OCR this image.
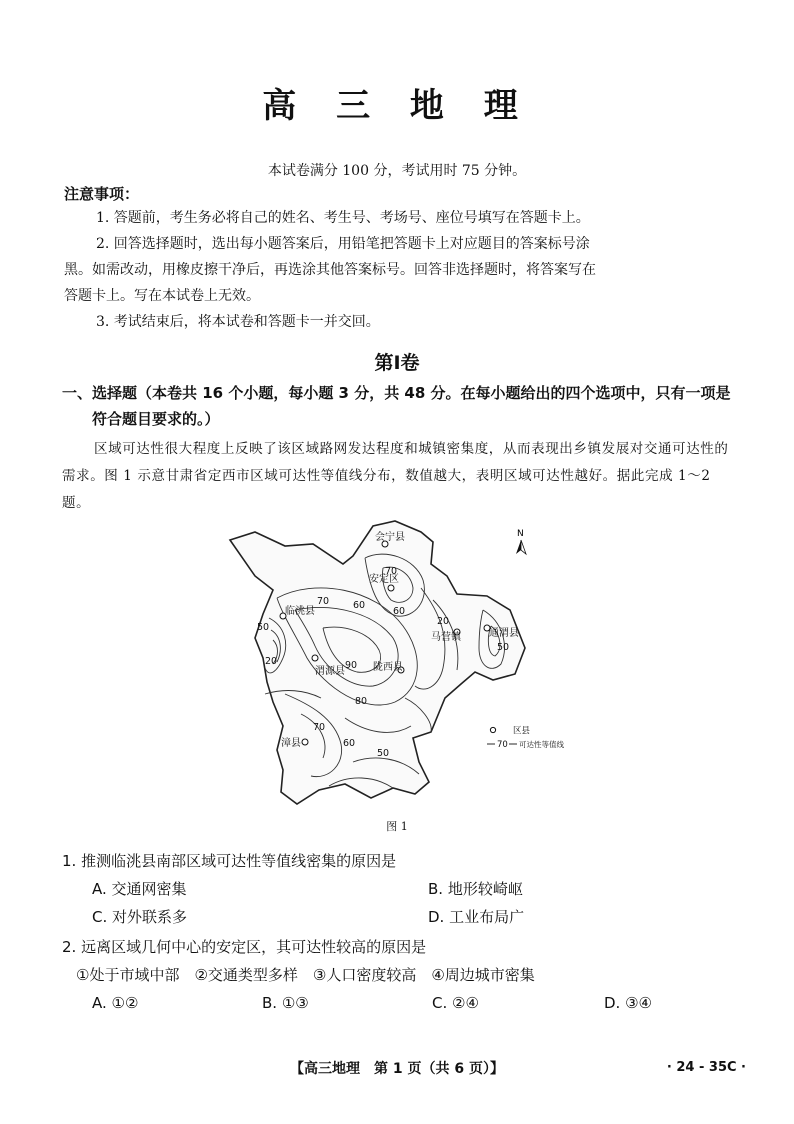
高 三 地 理
本试卷满分 100 分，考试用时 75 分钟。
注意事项：
1. 答题前，考生务必将自己的姓名、考生号、考场号、座位号填写在答题卡上。
2. 回答选择题时，选出每小题答案后，用铅笔把答题卡上对应题目的答案标号涂
黑。如需改动，用橡皮擦干净后，再选涂其他答案标号。回答非选择题时，将答案写在
答题卡上。写在本试卷上无效。
3. 考试结束后，将本试卷和答题卡一并交回。
第Ⅰ卷
一、选择题（本卷共 16 个小题，每小题 3 分，共 48 分。在每小题给出的四个选项中，只有一项是
符合题目要求的。）
区域可达性很大程度上反映了该区域路网发达程度和城镇密集度，从而表现出乡镇发展对交通可达性的需求。图 1 示意甘肃省定西市区域可达性等值线分布，数值越大，表明区域可达性越好。据此完成 1～2 题。
会宁县
安定区
临洮县
通渭县
渭源县	陇西县
漳县
马营镇
70	60
60
70
90
80
70
60
50
20
50
50
20
N
区县
70 可达性等值线
图 1
1. 推测临洮县南部区域可达性等值线密集的原因是
A. 交通网密集	B. 地形较崎岖
C. 对外联系多	D. 工业布局广
2. 远离区域几何中心的安定区，其可达性较高的原因是
①处于市域中部　②交通类型多样　③人口密度较高　④周边城市密集
A. ①②	B. ①③	C. ②④	D. ③④
【高三地理　第 1 页（共 6 页）】	· 24 - 35C ·
